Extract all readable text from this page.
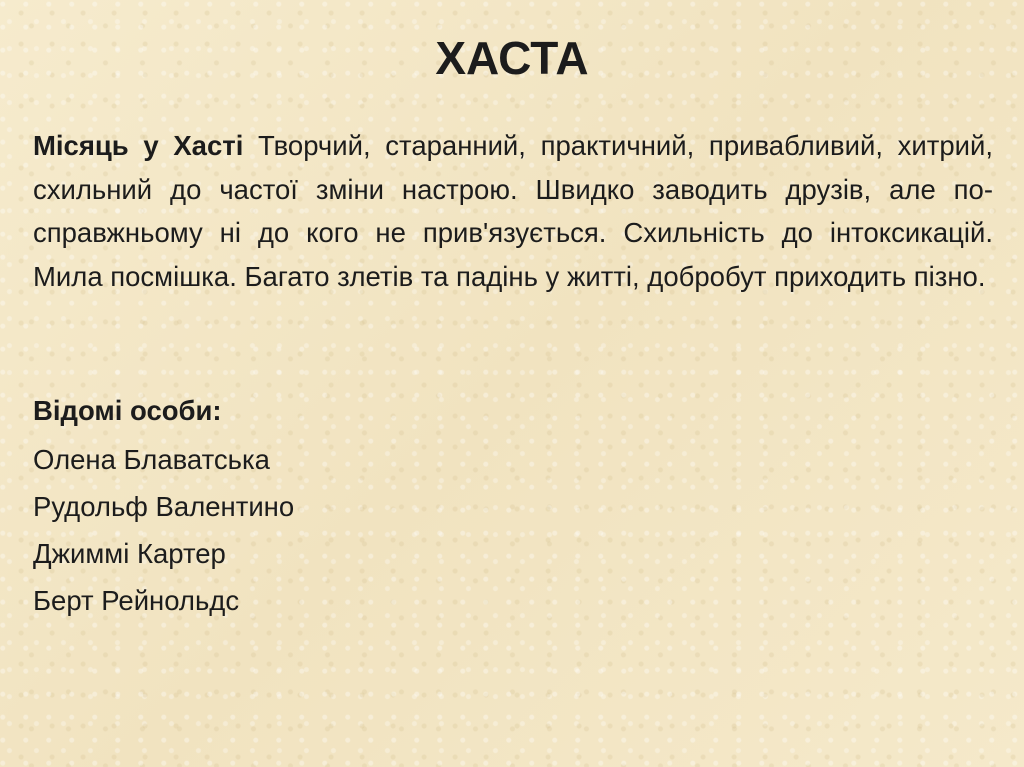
ХАСТА

Місяць у Хасті Творчий, старанний, практичний, привабливий, хитрий, схильний до частої зміни настрою. Швидко заводить друзів, але по-справжньому ні до кого не прив'язується. Схильність до інтоксикацій. Мила посмішка. Багато злетів та падінь у житті, добробут приходить пізно.

Відомі особи:

Олена Блаватська
Рудольф Валентино
Джиммі Картер
Берт Рейнольдс
